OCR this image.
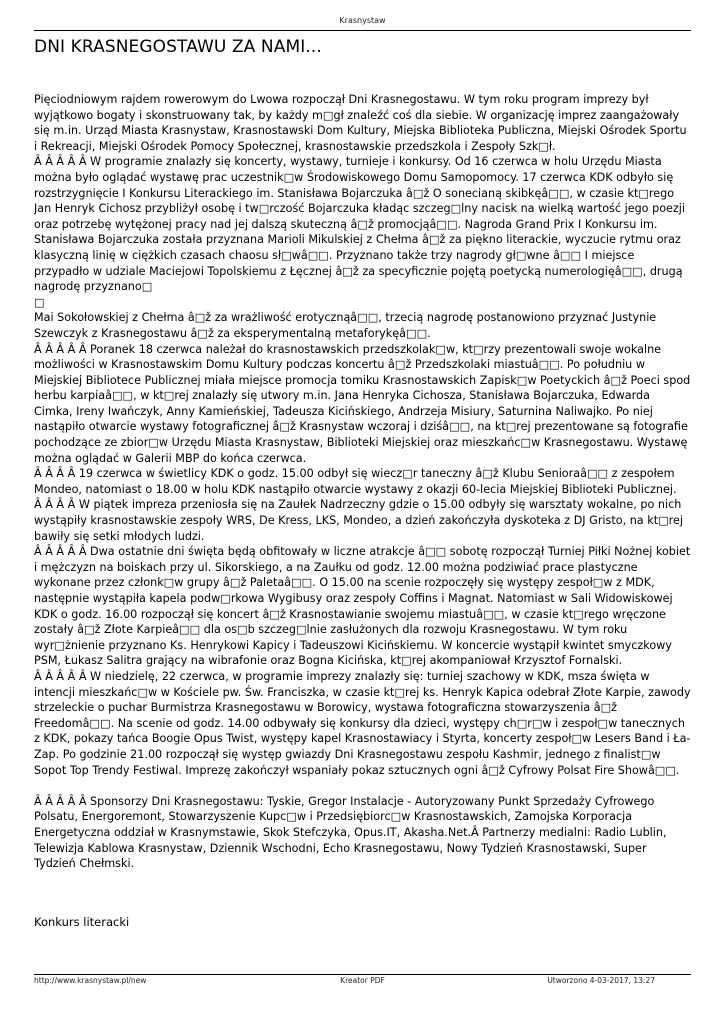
Krasnystaw
DNI KRASNEGOSTAWU ZA NAMI...

Pięciodniowym rajdem rowerowym do Lwowa rozpoczął Dni Krasnegostawu. W tym roku program imprezy był wyjątkowo bogaty i skonstruowany tak, by każdy m□gł znaleźć coś dla siebie. W organizację imprez zaangażowały się m.in. Urząd Miasta Krasnystaw, Krasnostawski Dom Kultury, Miejska Biblioteka Publiczna, Miejski Ośrodek Sportu i Rekreacji, Miejski Ośrodek Pomocy Społecznej, krasnostawskie przedszkola i Zespoły Szk□ł.

Â Â Â Â Â W programie znalazły się koncerty, wystawy, turnieje i konkursy. Od 16 czerwca w holu Urzędu Miasta można było oglądać wystawę prac uczestnik□w Środowiskowego Domu Samopomocy. 17 czerwca KDK odbyło się rozstrzygnięcie I Konkursu Literackiego im. Stanisława Bojarczuka â□ž O sonecianą skibkęâ□□, w czasie kt□rego Jan Henryk Cichosz przybliżył osobę i tw□rczość Bojarczuka kładąc szczeg□lny nacisk na wielką wartość jego poezji oraz potrzebę wytężonej pracy nad jej dalszą skuteczną â□ž promocjąâ□□. Nagroda Grand Prix I Konkursu im. Stanisława Bojarczuka została przyznana Marioli Mikulskiej z Chełma â□ž za piękno literackie, wyczucie rytmu oraz klasyczną linię w ciężkich czasach chaosu sł□wâ□□. Przyznano także trzy nagrody gł□wne â□□ I miejsce przypadło w udziale Maciejowi Topolskiemu z Łęcznej â□ž za specyficznie pojętą poetycką numerologięâ□□, drugą nagrodę przyznano□
□

Mai Sokołowskiej z Chełma â□ž za wrażliwość erotycznąâ□□, trzecią nagrodę postanowiono przyznać Justynie Szewczyk z Krasnegostawu â□ž za eksperymentalną metaforykęâ□□.

Â Â Â Â Â Poranek 18 czerwca należał do krasnostawskich przedszkolak□w, kt□rzy prezentowali swoje wokalne możliwości w Krasnostawskim Domu Kultury podczas koncertu â□ž Przedszkolaki miastuâ□□. Po południu w Miejskiej Bibliotece Publicznej miała miejsce promocja tomiku Krasnostawskich Zapisk□w Poetyckich â□ž Poeci spod herbu karpiaâ□□, w kt□rej znalazły się utwory m.in. Jana Henryka Cichosza, Stanisława Bojarczuka, Edwarda Cimka, Ireny Iwańczyk, Anny Kamieńskiej, Tadeusza Kicińskiego, Andrzeja Misiury, Saturnina Naliwajko. Po niej nastąpiło otwarcie wystawy fotograficznej â□ž Krasnystaw wczoraj i dziśâ□□, na kt□rej prezentowane są fotografie pochodzące ze zbior□w Urzędu Miasta Krasnystaw, Biblioteki Miejskiej oraz mieszkańc□w Krasnegostawu. Wystawę można oglądać w Galerii MBP do końca czerwca.

Â Â Â Â 19 czerwca w świetlicy KDK o godz. 15.00 odbył się wiecz□r taneczny â□ž Klubu Senioraâ□□ z zespołem Mondeo, natomiast o 18.00 w holu KDK nastąpiło otwarcie wystawy z okazji 60-lecia Miejskiej Biblioteki Publicznej.

Â Â Â Â W piątek impreza przeniosła się na Zaułek Nadrzeczny gdzie o 15.00 odbyły się warsztaty wokalne, po nich wystąpiły krasnostawskie zespoły WRS, De Kress, LKS, Mondeo, a dzień zakończyła dyskoteka z DJ Gristo, na kt□rej bawiły się setki młodych ludzi.

Â Â Â Â Â Dwa ostatnie dni święta będą obfitowały w liczne atrakcje â□□ sobotę rozpoczął Turniej Piłki Nożnej kobiet i mężczyzn na boiskach przy ul. Sikorskiego, a na Zaułku od godz. 12.00 można podziwiać prace plastyczne wykonane przez członk□w grupy â□ž Paletaâ□□. O 15.00 na scenie rozpoczęły się występy zespoł□w z MDK, następnie wystąpiła kapela podw□rkowa Wygibusy oraz zespoły Coffins i Magnat. Natomiast w Sali Widowiskowej KDK o godz. 16.00 rozpoczął się koncert â□ž Krasnostawianie swojemu miastuâ□□, w czasie kt□rego wręczone zostały â□ž Złote Karpieâ□□ dla os□b szczeg□lnie zasłużonych dla rozwoju Krasnegostawu. W tym roku wyr□żnienie przyznano Ks. Henrykowi Kapicy i Tadeuszowi Kicińskiemu. W koncercie wystąpił kwintet smyczkowy PSM, Łukasz Salitra grający na wibrafonie oraz Bogna Kicińska, kt□rej akompaniował Krzysztof Fornalski.

Â Â Â Â Â W niedzielę, 22 czerwca, w programie imprezy znalazły się: turniej szachowy w KDK, msza święta w intencji mieszkańc□w w Kościele pw. Św. Franciszka, w czasie kt□rej ks. Henryk Kapica odebrał Złote Karpie, zawody strzeleckie o puchar Burmistrza Krasnegostawu w Borowicy, wystawa fotograficzna stowarzyszenia â□ž Freedomâ□□. Na scenie od godz. 14.00 odbywały się konkursy dla dzieci, występy ch□r□w i zespoł□w tanecznych z KDK, pokazy tańca Boogie Opus Twist, występy kapel Krasnostawiacy i Styrta, koncerty zespoł□w Lesers Band i Ła-Zap. Po godzinie 21.00 rozpoczął się występ gwiazdy Dni Krasnegostawu zespołu Kashmir, jednego z finalist□w Sopot Top Trendy Festiwal. Imprezę zakończył wspaniały pokaz sztucznych ogni â□ž Cyfrowy Polsat Fire Showâ□□.

Â Â Â Â Â Sponsorzy Dni Krasnegostawu: Tyskie, Gregor Instalacje - Autoryzowany Punkt Sprzedaży Cyfrowego Polsatu, Energoremont, Stowarzyszenie Kupc□w i Przedsiębiorc□w Krasnostawskich, Zamojska Korporacja Energetyczna oddział w Krasnymstawie, Skok Stefczyka, Opus.IT, Akasha.Net.Â Partnerzy medialni: Radio Lublin, Telewizja Kablowa Krasnystaw, Dziennik Wschodni, Echo Krasnegostawu, Nowy Tydzień Krasnostawski, Super Tydzień Chełmski.

Konkurs literacki

http://www.krasnystaw.pl/new	Kreator PDF	Utworzono 4-03-2017, 13:27
